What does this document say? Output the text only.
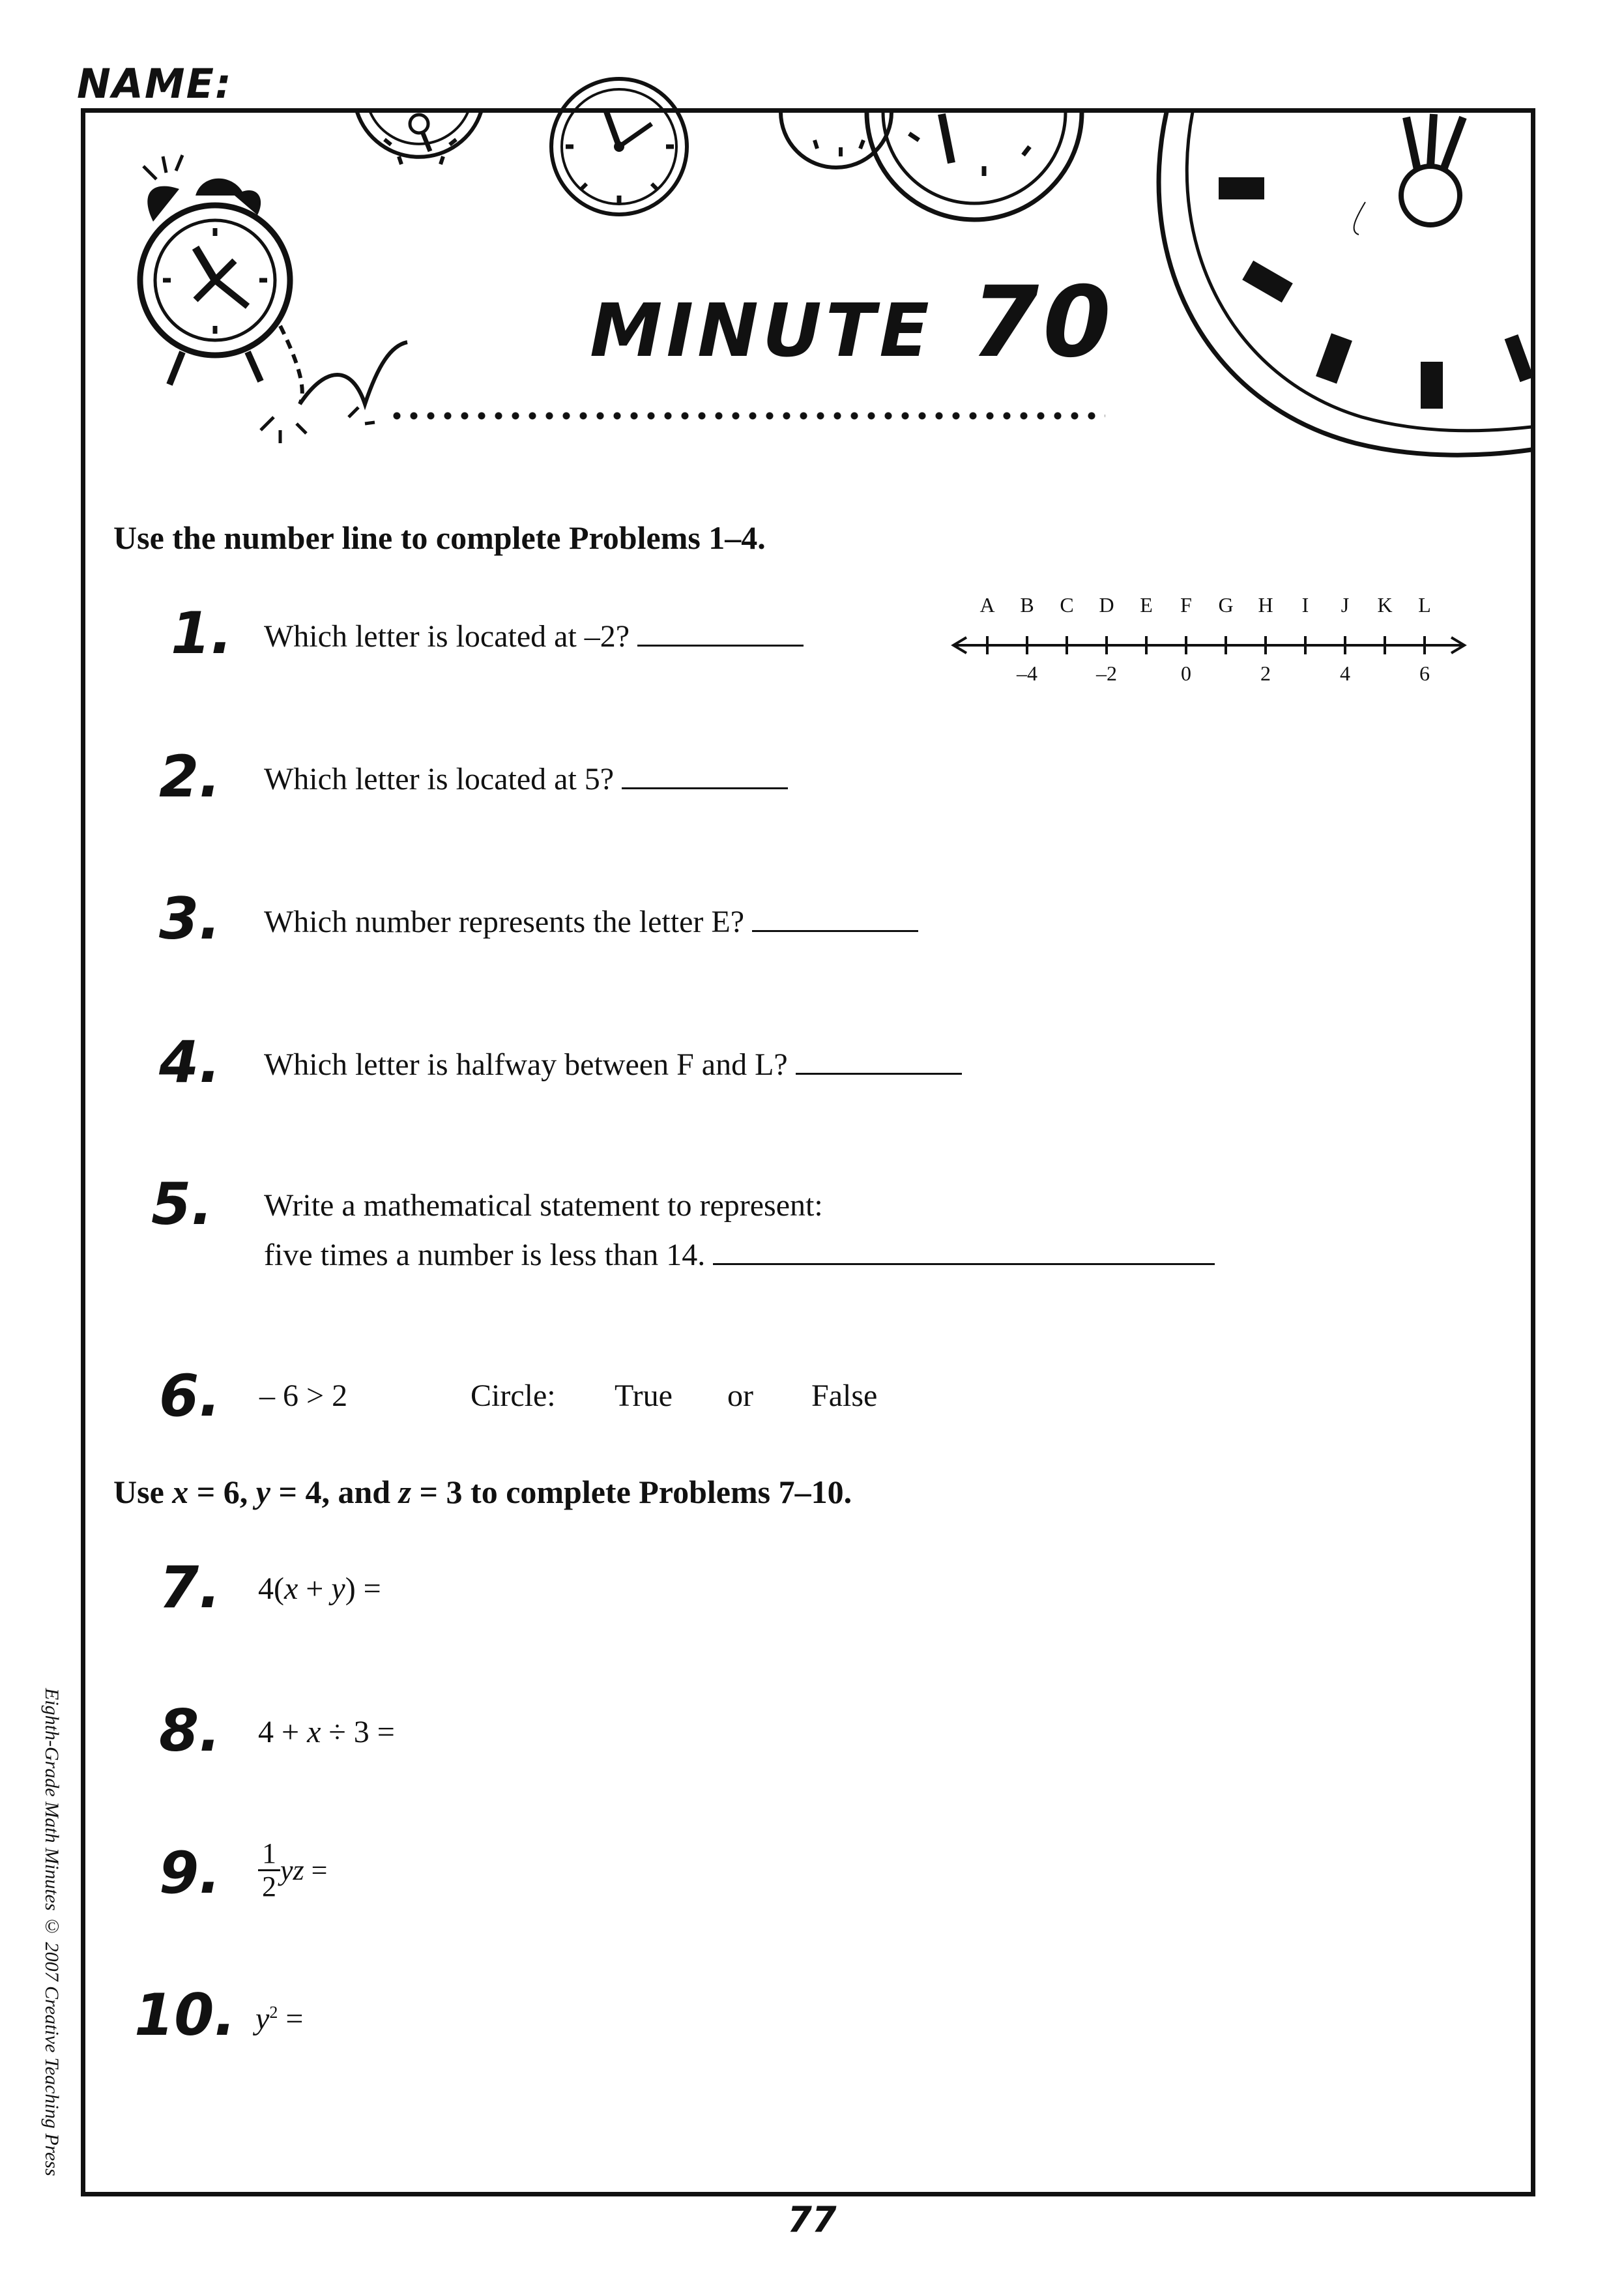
NAME:
MINUTE 70
Use the number line to complete Problems 1–4.
A B C D	E	F	G H	I	J	K	L
–4	–2	0	2	4	6
1. Which letter is located at –2?
2. Which letter is located at 5?
3. Which number represents the letter E?
4. Which letter is halfway between F and L?
5. Write a mathematical statement to represent:
five times a number is less than 14.
6. – 6 > 2	Circle: True or False
Use x = 6, y = 4, and z = 3 to complete Problems 7–10.
7. 4(x + y) =
8. 4 + x ÷ 3 =
9. $\frac{1}{2}$ yz =
10. $y^2$ =
Eighth-Grade Math Minutes © 2007 Creative Teaching Press
77
